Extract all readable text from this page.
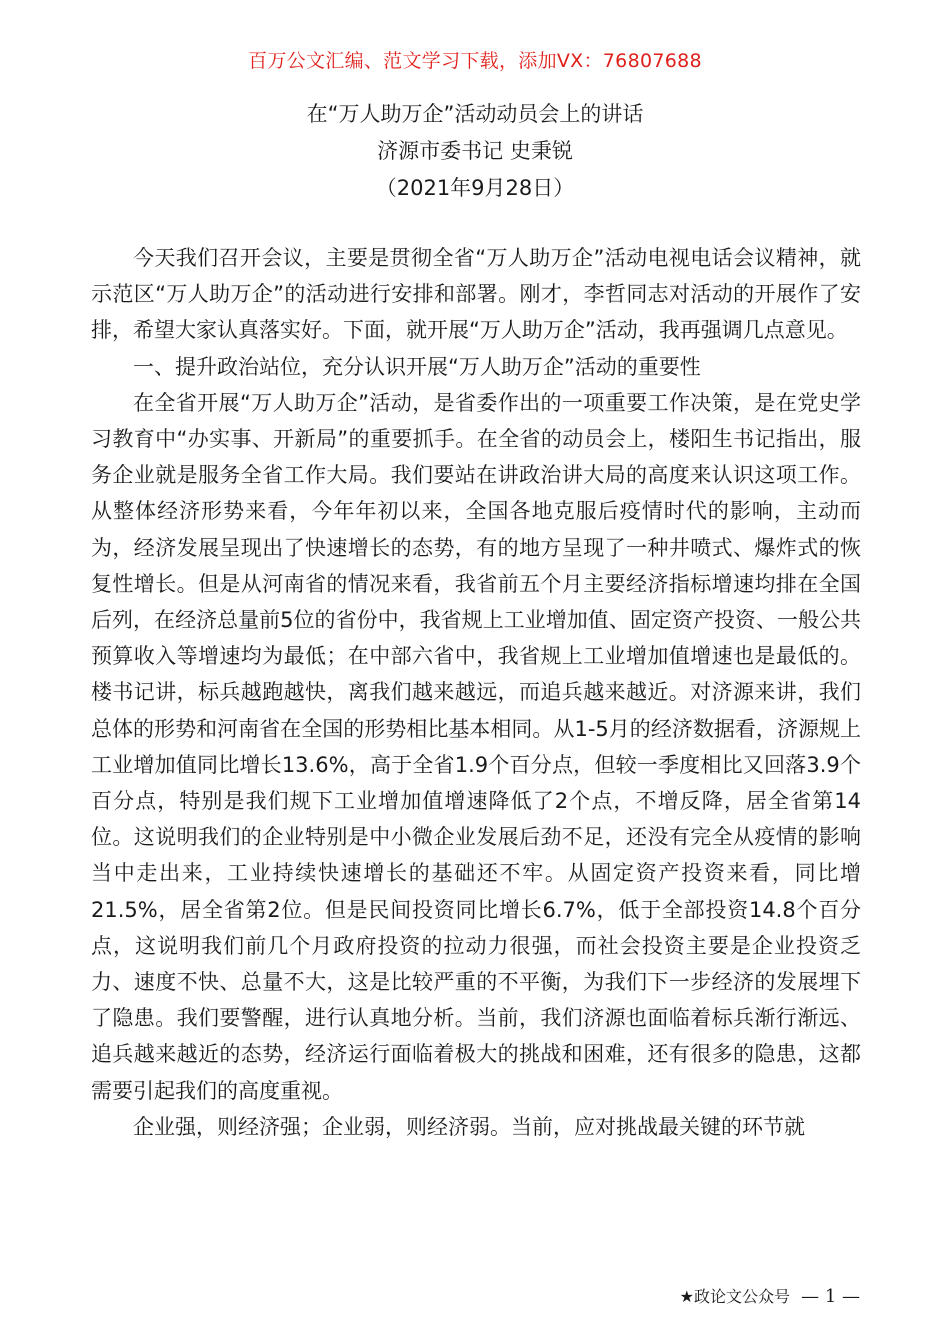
百万公文汇编、范文学习下载，添加VX：76807688
在“万人助万企”活动动员会上的讲话
济源市委书记 史秉锐
（2021年9月28日）

今天我们召开会议，主要是贯彻全省“万人助万企”活动电视电话会议精神，就示范区“万人助万企”的活动进行安排和部署。刚才，李哲同志对活动的开展作了安排，希望大家认真落实好。下面，就开展“万人助万企”活动，我再强调几点意见。

一、提升政治站位，充分认识开展“万人助万企”活动的重要性

在全省开展“万人助万企”活动，是省委作出的一项重要工作决策，是在党史学习教育中“办实事、开新局”的重要抓手。在全省的动员会上，楼阳生书记指出，服务企业就是服务全省工作大局。我们要站在讲政治讲大局的高度来认识这项工作。从整体经济形势来看，今年年初以来，全国各地克服后疫情时代的影响，主动而为，经济发展呈现出了快速增长的态势，有的地方呈现了一种井喷式、爆炸式的恢复性增长。但是从河南省的情况来看，我省前五个月主要经济指标增速均排在全国后列，在经济总量前5位的省份中，我省规上工业增加值、固定资产投资、一般公共预算收入等增速均为最低；在中部六省中，我省规上工业增加值增速也是最低的。楼书记讲，标兵越跑越快，离我们越来越远，而追兵越来越近。对济源来讲，我们总体的形势和河南省在全国的形势相比基本相同。从1-5月的经济数据看，济源规上工业增加值同比增长13.6%，高于全省1.9个百分点，但较一季度相比又回落3.9个百分点，特别是我们规下工业增加值增速降低了2个点，不增反降，居全省第14位。这说明我们的企业特别是中小微企业发展后劲不足，还没有完全从疫情的影响当中走出来，工业持续快速增长的基础还不牢。从固定资产投资来看，同比增21.5%，居全省第2位。但是民间投资同比增长6.7%，低于全部投资14.8个百分点，这说明我们前几个月政府投资的拉动力很强，而社会投资主要是企业投资乏力、速度不快、总量不大，这是比较严重的不平衡，为我们下一步经济的发展埋下了隐患。我们要警醒，进行认真地分析。当前，我们济源也面临着标兵渐行渐远、追兵越来越近的态势，经济运行面临着极大的挑战和困难，还有很多的隐患，这都需要引起我们的高度重视。

企业强，则经济强；企业弱，则经济弱。当前，应对挑战最关键的环节就

★政论文公众号 — 1 —
